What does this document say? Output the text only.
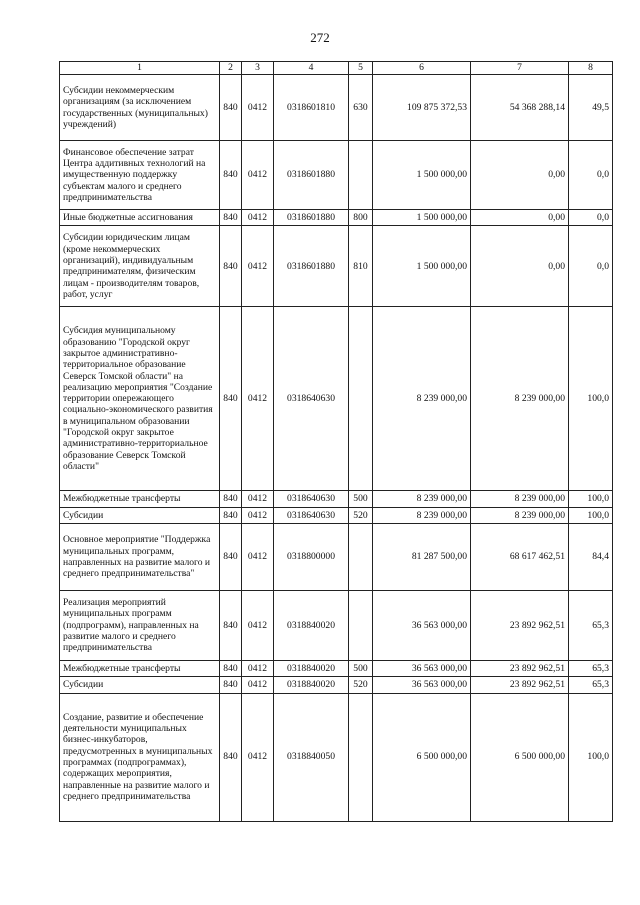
272
1	2	3	4	5	6	7	8
Субсидии некоммерческим организациям (за исключением государственных (муниципальных) учреждений)	840	0412	0318601810	630	109 875 372,53	54 368 288,14	49,5
Финансовое обеспечение затрат Центра аддитивных технологий на имущественную поддержку субъектам малого и среднего предпринимательства	840	0412	0318601880		1 500 000,00	0,00	0,0
Иные бюджетные ассигнования	840	0412	0318601880	800	1 500 000,00	0,00	0,0
Субсидии юридическим лицам (кроме некоммерческих организаций), индивидуальным предпринимателям, физическим лицам - производителям товаров, работ, услуг	840	0412	0318601880	810	1 500 000,00	0,00	0,0
Субсидия муниципальному образованию "Городской округ закрытое административно-территориальное образование Северск Томской области" на реализацию мероприятия "Создание территории опережающего социально-экономического развития в муниципальном образовании "Городской округ закрытое административно-территориальное образование Северск Томской области"	840	0412	0318640630		8 239 000,00	8 239 000,00	100,0
Межбюджетные трансферты	840	0412	0318640630	500	8 239 000,00	8 239 000,00	100,0
Субсидии	840	0412	0318640630	520	8 239 000,00	8 239 000,00	100,0
Основное мероприятие "Поддержка муниципальных программ, направленных на развитие малого и среднего предпринимательства"	840	0412	0318800000		81 287 500,00	68 617 462,51	84,4
Реализация мероприятий муниципальных программ (подпрограмм), направленных на развитие малого и среднего предпринимательства	840	0412	0318840020		36 563 000,00	23 892 962,51	65,3
Межбюджетные трансферты	840	0412	0318840020	500	36 563 000,00	23 892 962,51	65,3
Субсидии	840	0412	0318840020	520	36 563 000,00	23 892 962,51	65,3
Создание, развитие и обеспечение деятельности муниципальных бизнес-инкубаторов, предусмотренных в муниципальных программах (подпрограммах), содержащих мероприятия, направленные на развитие малого и среднего предпринимательства	840	0412	0318840050		6 500 000,00	6 500 000,00	100,0
